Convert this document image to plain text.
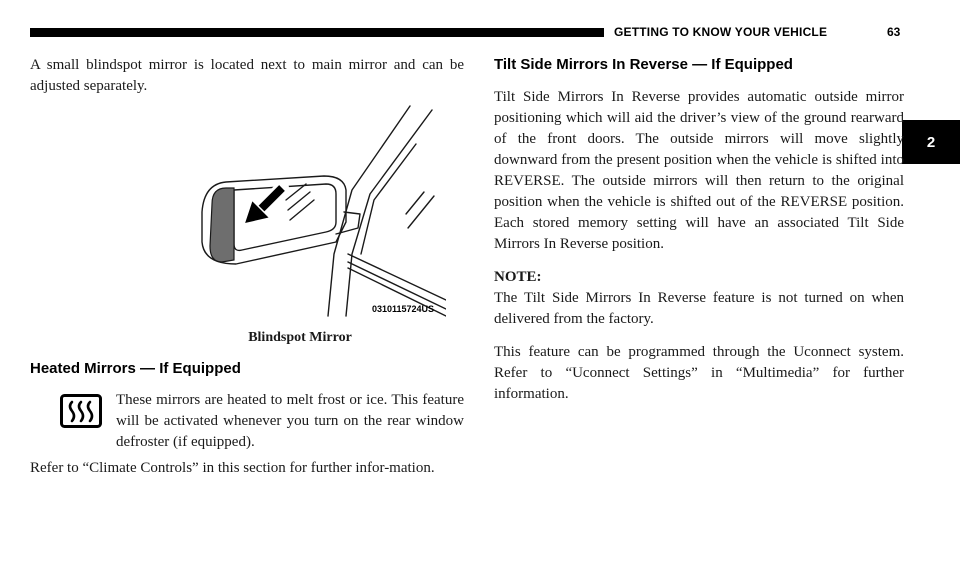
GETTING TO KNOW YOUR VEHICLE	63
2

A small blindspot mirror is located next to main mirror and can be adjusted separately.

0310115724US
Blindspot Mirror
Heated Mirrors — If Equipped
These mirrors are heated to melt frost or ice. This feature will be activated whenever you turn on the rear window defroster (if equipped).
Refer to “Climate Controls” in this section for further infor-mation.

Tilt Side Mirrors In Reverse — If Equipped

Tilt Side Mirrors In Reverse provides automatic outside mirror positioning which will aid the driver’s view of the ground rearward of the front doors. The outside mirrors will move slightly downward from the present position when the vehicle is shifted into REVERSE. The outside mirrors will then return to the original position when the vehicle is shifted out of the REVERSE position. Each stored memory setting will have an associated Tilt Side Mirrors In Reverse position.

NOTE:

The Tilt Side Mirrors In Reverse feature is not turned on when delivered from the factory.

This feature can be programmed through the Uconnect system. Refer to “Uconnect Settings” in “Multimedia” for further information.
